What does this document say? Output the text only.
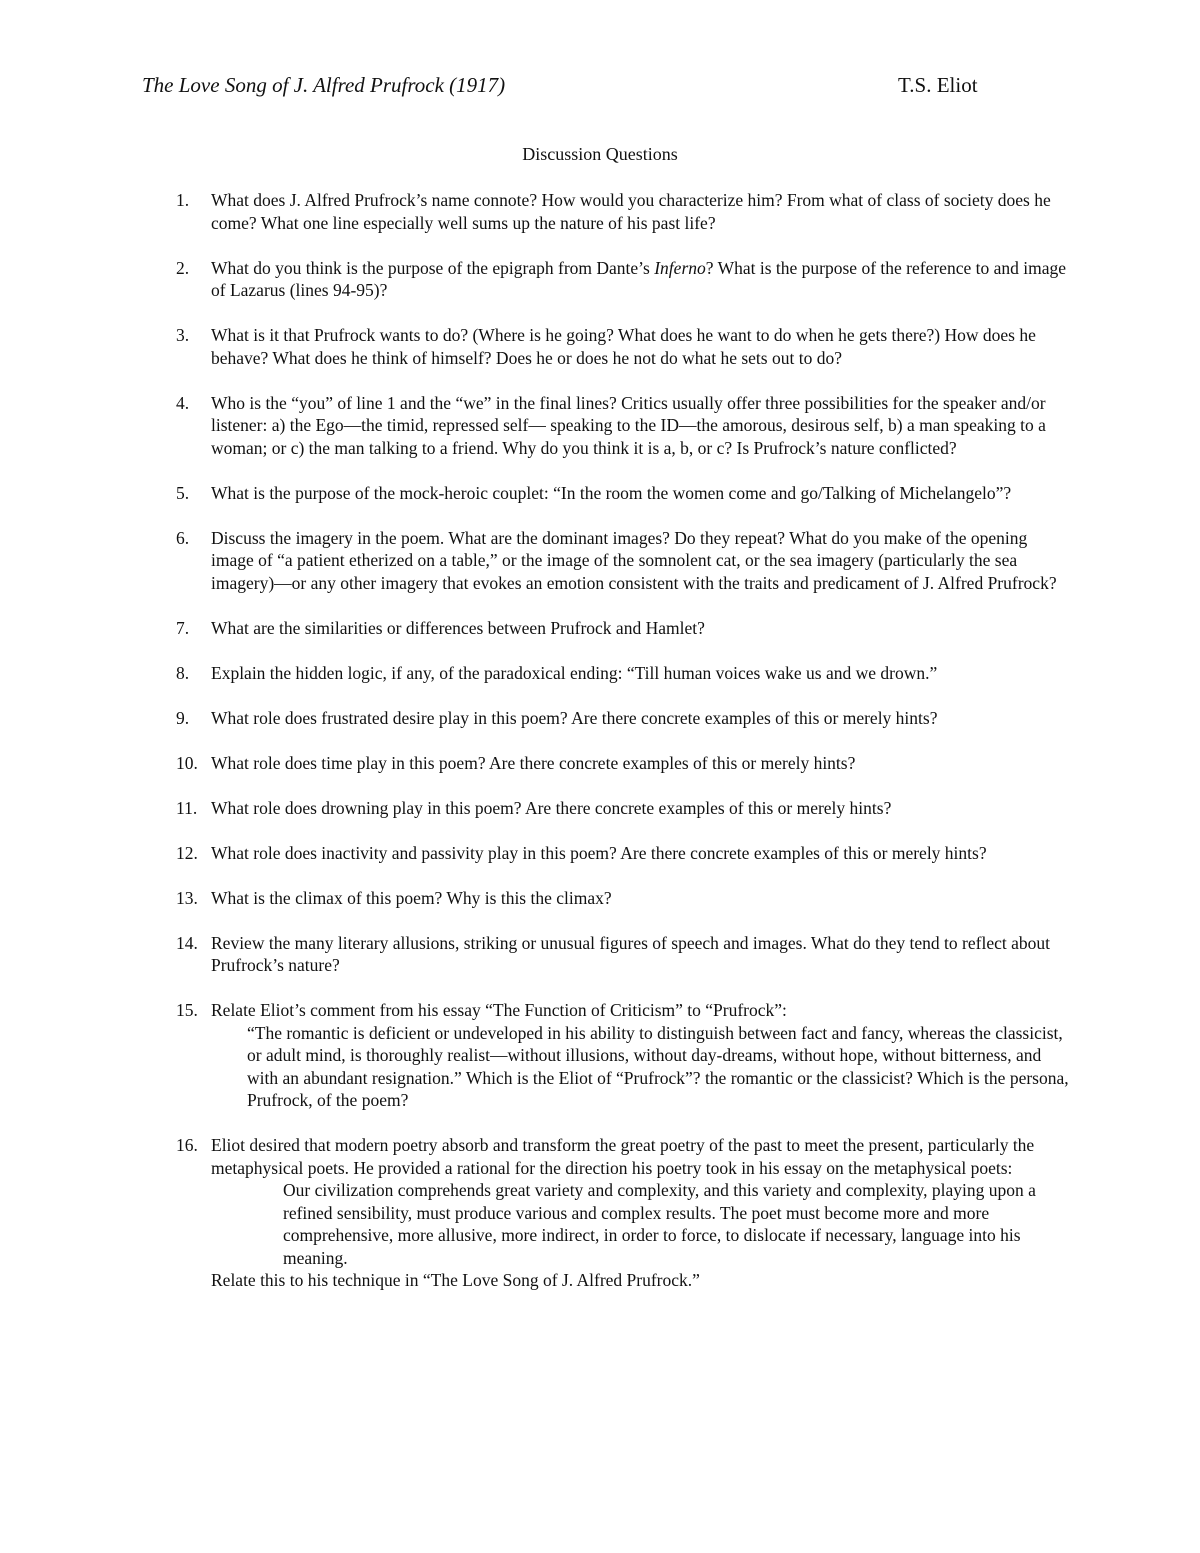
The Love Song of J. Alfred Prufrock (1917)	T.S. Eliot
Discussion Questions
1. What does J. Alfred Prufrock’s name connote? How would you characterize him? From what of class of society does he come? What one line especially well sums up the nature of his past life?

2. What do you think is the purpose of the epigraph from Dante’s Inferno? What is the purpose of the reference to and image of Lazarus (lines 94-95)?

3. What is it that Prufrock wants to do? (Where is he going? What does he want to do when he gets there?) How does he behave? What does he think of himself? Does he or does he not do what he sets out to do?

4. Who is the “you” of line 1 and the “we” in the final lines? Critics usually offer three possibilities for the speaker and/or listener: a) the Ego—the timid, repressed self— speaking to the ID—the amorous, desirous self, b) a man speaking to a woman; or c) the man talking to a friend. Why do you think it is a, b, or c? Is Prufrock’s nature conflicted?

5. What is the purpose of the mock-heroic couplet: “In the room the women come and go/Talking of Michelangelo”?

6. Discuss the imagery in the poem. What are the dominant images? Do they repeat? What do you make of the opening image of “a patient etherized on a table,” or the image of the somnolent cat, or the sea imagery (particularly the sea imagery)—or any other imagery that evokes an emotion consistent with the traits and predicament of J. Alfred Prufrock?

7. What are the similarities or differences between Prufrock and Hamlet?

8. Explain the hidden logic, if any, of the paradoxical ending: “Till human voices wake us and we drown.”

9. What role does frustrated desire play in this poem? Are there concrete examples of this or merely hints?

10. What role does time play in this poem? Are there concrete examples of this or merely hints?

11. What role does drowning play in this poem? Are there concrete examples of this or merely hints?

12. What role does inactivity and passivity play in this poem? Are there concrete examples of this or merely hints?

13. What is the climax of this poem? Why is this the climax?

14. Review the many literary allusions, striking or unusual figures of speech and images. What do they tend to reflect about Prufrock’s nature?

15. Relate Eliot’s comment from his essay “The Function of Criticism” to “Prufrock”:

“The romantic is deficient or undeveloped in his ability to distinguish between fact and fancy, whereas the classicist, or adult mind, is thoroughly realist—without illusions, without day-dreams, without hope, without bitterness, and with an abundant resignation.” Which is the Eliot of “Prufrock”? the romantic or the classicist? Which is the persona, Prufrock, of the poem?

16. Eliot desired that modern poetry absorb and transform the great poetry of the past to meet the present, particularly the metaphysical poets. He provided a rational for the direction his poetry took in his essay on the metaphysical poets:

Our civilization comprehends great variety and complexity, and this variety and complexity, playing upon a refined sensibility, must produce various and complex results. The poet must become more and more comprehensive, more allusive, more indirect, in order to force, to dislocate if necessary, language into his meaning.

Relate this to his technique in “The Love Song of J. Alfred Prufrock.”
